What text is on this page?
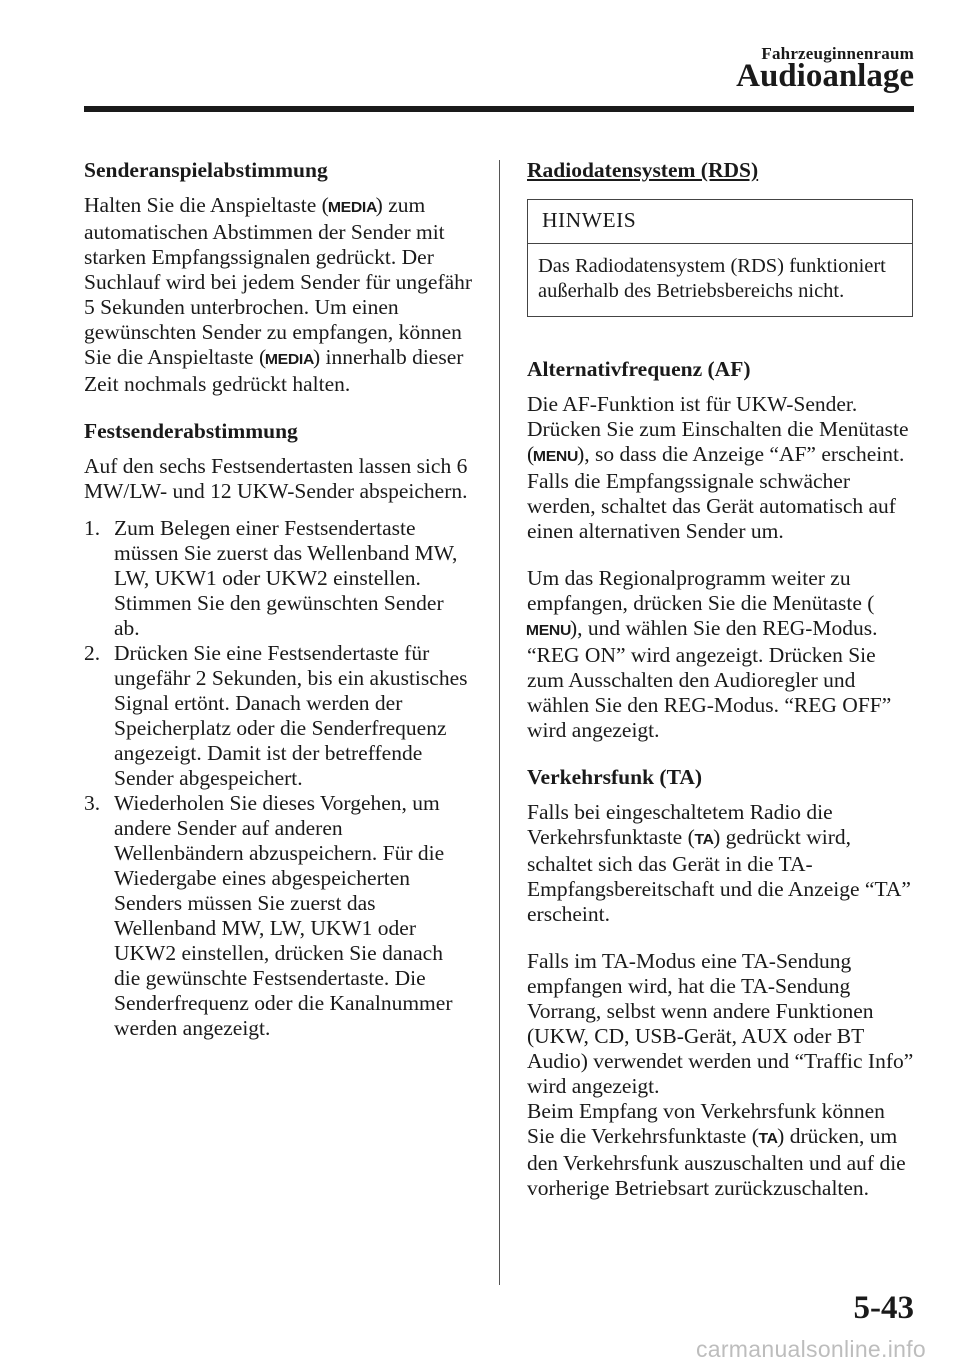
Fahrzeuginnenraum
Audioanlage
Senderanspielabstimmung

Halten Sie die Anspieltaste (MEDIA) zum automatischen Abstimmen der Sender mit starken Empfangssignalen gedrückt. Der Suchlauf wird bei jedem Sender für ungefähr 5 Sekunden unterbrochen. Um einen gewünschten Sender zu empfangen, können Sie die Anspieltaste (MEDIA) innerhalb dieser Zeit nochmals gedrückt halten.

Festsenderabstimmung

Auf den sechs Festsendertasten lassen sich 6 MW/LW- und 12 UKW-Sender abspeichern.

1. Zum Belegen einer Festsendertaste müssen Sie zuerst das Wellenband MW, LW, UKW1 oder UKW2 einstellen. Stimmen Sie den gewünschten Sender ab.
2. Drücken Sie eine Festsendertaste für ungefähr 2 Sekunden, bis ein akustisches Signal ertönt. Danach werden der Speicherplatz oder die Senderfrequenz angezeigt. Damit ist der betreffende Sender abgespeichert.
3. Wiederholen Sie dieses Vorgehen, um andere Sender auf anderen Wellenbändern abzuspeichern. Für die Wiedergabe eines abgespeicherten Senders müssen Sie zuerst das Wellenband MW, LW, UKW1 oder UKW2 einstellen, drücken Sie danach die gewünschte Festsendertaste. Die Senderfrequenz oder die Kanalnummer werden angezeigt.
Radiodatensystem (RDS)
HINWEIS
Das Radiodatensystem (RDS) funktioniert außerhalb des Betriebsbereichs nicht.
Alternativfrequenz (AF)

Die AF-Funktion ist für UKW-Sender. Drücken Sie zum Einschalten die Menütaste (MENU), so dass die Anzeige “AF” erscheint. Falls die Empfangssignale schwächer werden, schaltet das Gerät automatisch auf einen alternativen Sender um.

Um das Regionalprogramm weiter zu empfangen, drücken Sie die Menütaste (MENU), und wählen Sie den REG-Modus. “REG ON” wird angezeigt. Drücken Sie zum Ausschalten den Audioregler und wählen Sie den REG-Modus. “REG OFF” wird angezeigt.

Verkehrsfunk (TA)

Falls bei eingeschaltetem Radio die Verkehrsfunktaste (TA) gedrückt wird, schaltet sich das Gerät in die TA-Empfangsbereitschaft und die Anzeige “TA” erscheint.

Falls im TA-Modus eine TA-Sendung empfangen wird, hat die TA-Sendung Vorrang, selbst wenn andere Funktionen (UKW, CD, USB-Gerät, AUX oder BT Audio) verwendet werden und “Traffic Info” wird angezeigt.

Beim Empfang von Verkehrsfunk können Sie die Verkehrsfunktaste (TA) drücken, um den Verkehrsfunk auszuschalten und auf die vorherige Betriebsart zurückzuschalten.

5-43
carmanualsonline.info
